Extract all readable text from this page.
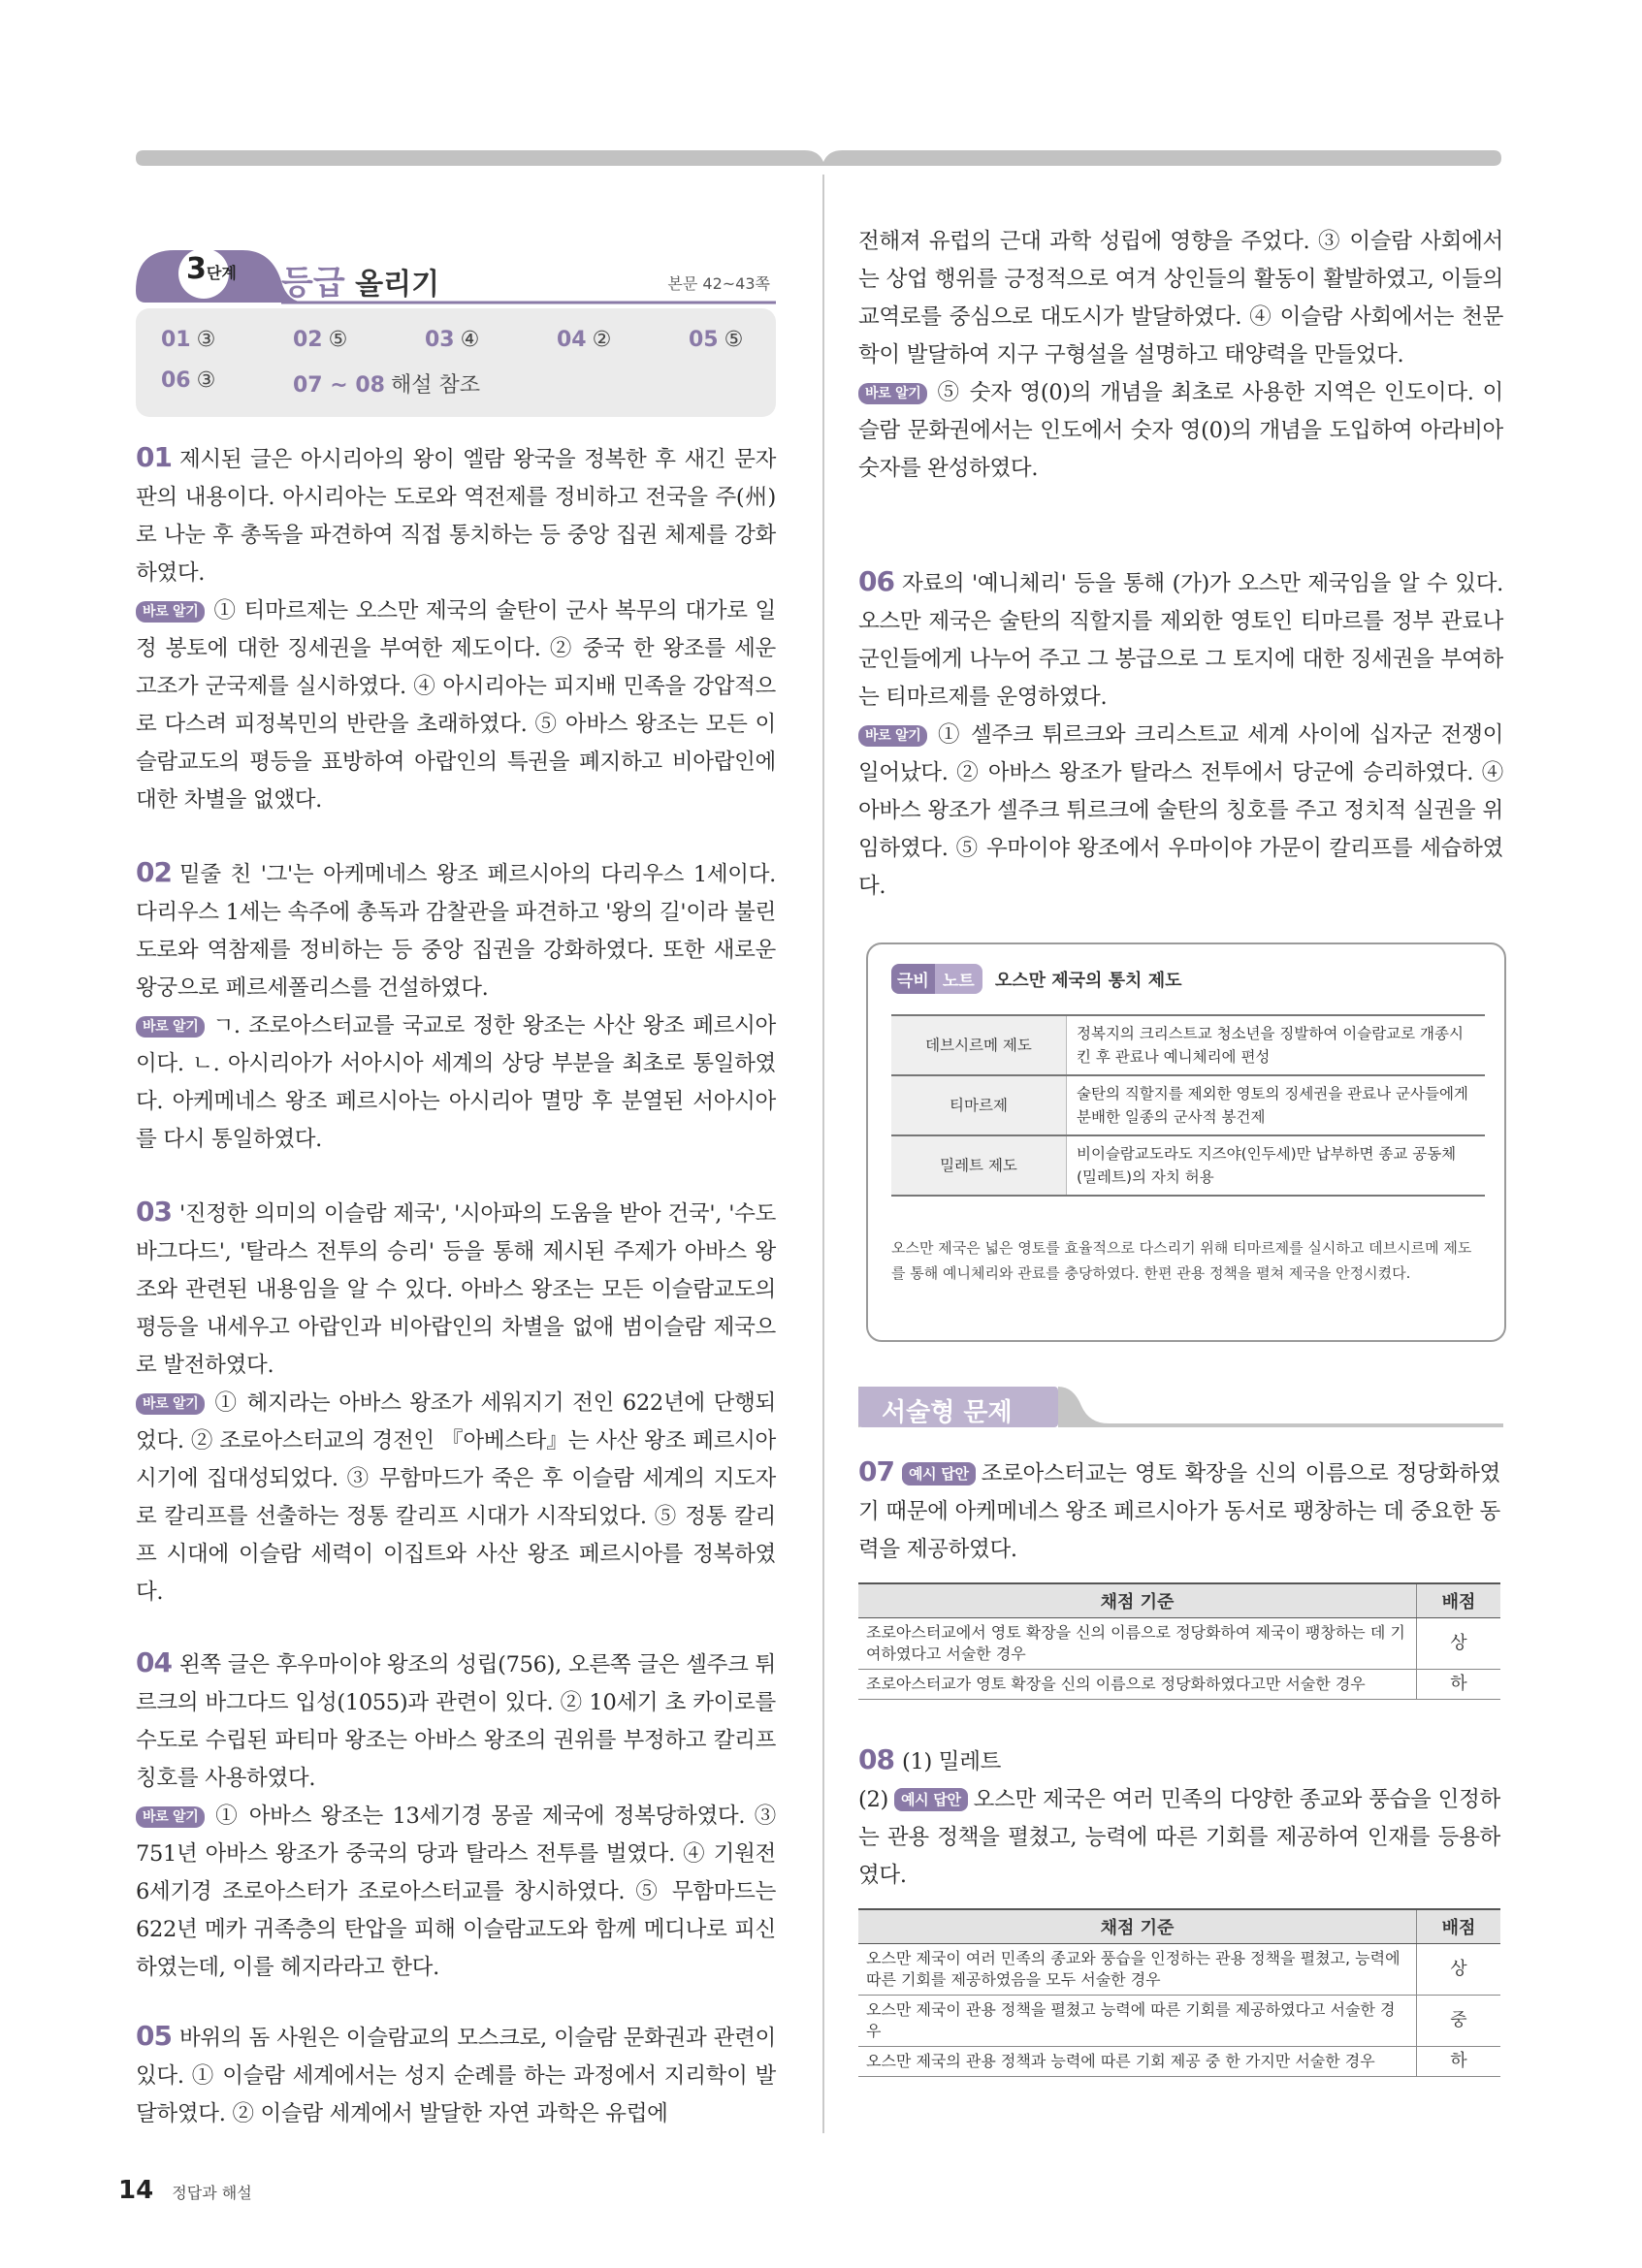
3단계 등급 올리기	본문 42~43쪽
01 ③	02 ⑤	03 ④	04 ②	05 ⑤
06 ③	07 ~ 08 해설 참조

01 제시된 글은 아시리아의 왕이 엘람 왕국을 정복한 후 새긴 문자판의 내용이다. 아시리아는 도로와 역전제를 정비하고 전국을 주(州)로 나눈 후 총독을 파견하여 직접 통치하는 등 중앙 집권 체제를 강화하였다.

바로 알기 ① 티마르제는 오스만 제국의 술탄이 군사 복무의 대가로 일정 봉토에 대한 징세권을 부여한 제도이다. ② 중국 한 왕조를 세운 고조가 군국제를 실시하였다. ④ 아시리아는 피지배 민족을 강압적으로 다스려 피정복민의 반란을 초래하였다. ⑤ 아바스 왕조는 모든 이슬람교도의 평등을 표방하여 아랍인의 특권을 폐지하고 비아랍인에 대한 차별을 없앴다.

02 밑줄 친 '그'는 아케메네스 왕조 페르시아의 다리우스 1세이다. 다리우스 1세는 속주에 총독과 감찰관을 파견하고 '왕의 길'이라 불린 도로와 역참제를 정비하는 등 중앙 집권을 강화하였다. 또한 새로운 왕궁으로 페르세폴리스를 건설하였다.

바로 알기 ㄱ. 조로아스터교를 국교로 정한 왕조는 사산 왕조 페르시아이다. ㄴ. 아시리아가 서아시아 세계의 상당 부분을 최초로 통일하였다. 아케메네스 왕조 페르시아는 아시리아 멸망 후 분열된 서아시아를 다시 통일하였다.

03 '진정한 의미의 이슬람 제국', '시아파의 도움을 받아 건국', '수도 바그다드', '탈라스 전투의 승리' 등을 통해 제시된 주제가 아바스 왕조와 관련된 내용임을 알 수 있다. 아바스 왕조는 모든 이슬람교도의 평등을 내세우고 아랍인과 비아랍인의 차별을 없애 범이슬람 제국으로 발전하였다.

바로 알기 ① 헤지라는 아바스 왕조가 세워지기 전인 622년에 단행되었다. ② 조로아스터교의 경전인 『아베스타』는 사산 왕조 페르시아 시기에 집대성되었다. ③ 무함마드가 죽은 후 이슬람 세계의 지도자로 칼리프를 선출하는 정통 칼리프 시대가 시작되었다. ⑤ 정통 칼리프 시대에 이슬람 세력이 이집트와 사산 왕조 페르시아를 정복하였다.

04 왼쪽 글은 후우마이야 왕조의 성립(756), 오른쪽 글은 셀주크 튀르크의 바그다드 입성(1055)과 관련이 있다. ② 10세기 초 카이로를 수도로 수립된 파티마 왕조는 아바스 왕조의 권위를 부정하고 칼리프 칭호를 사용하였다.

바로 알기 ① 아바스 왕조는 13세기경 몽골 제국에 정복당하였다. ③ 751년 아바스 왕조가 중국의 당과 탈라스 전투를 벌였다. ④ 기원전 6세기경 조로아스터가 조로아스터교를 창시하였다. ⑤ 무함마드는 622년 메카 귀족층의 탄압을 피해 이슬람교도와 함께 메디나로 피신하였는데, 이를 헤지라라고 한다.

05 바위의 돔 사원은 이슬람교의 모스크로, 이슬람 문화권과 관련이 있다. ① 이슬람 세계에서는 성지 순례를 하는 과정에서 지리학이 발달하였다. ② 이슬람 세계에서 발달한 자연 과학은 유럽에

전해져 유럽의 근대 과학 성립에 영향을 주었다. ③ 이슬람 사회에서는 상업 행위를 긍정적으로 여겨 상인들의 활동이 활발하였고, 이들의 교역로를 중심으로 대도시가 발달하였다. ④ 이슬람 사회에서는 천문학이 발달하여 지구 구형설을 설명하고 태양력을 만들었다.

바로 알기 ⑤ 숫자 영(0)의 개념을 최초로 사용한 지역은 인도이다. 이슬람 문화권에서는 인도에서 숫자 영(0)의 개념을 도입하여 아라비아 숫자를 완성하였다.

06 자료의 '예니체리' 등을 통해 (가)가 오스만 제국임을 알 수 있다. 오스만 제국은 술탄의 직할지를 제외한 영토인 티마르를 정부 관료나 군인들에게 나누어 주고 그 봉급으로 그 토지에 대한 징세권을 부여하는 티마르제를 운영하였다.

바로 알기 ① 셀주크 튀르크와 크리스트교 세계 사이에 십자군 전쟁이 일어났다. ② 아바스 왕조가 탈라스 전투에서 당군에 승리하였다. ④ 아바스 왕조가 셀주크 튀르크에 술탄의 칭호를 주고 정치적 실권을 위임하였다. ⑤ 우마이야 왕조에서 우마이야 가문이 칼리프를 세습하였다.

극비 노트 오스만 제국의 통치 제도
데브시르메 제도	정복지의 크리스트교 청소년을 징발하여 이슬람교로 개종시킨 후 관료나 예니체리에 편성
티마르제	술탄의 직할지를 제외한 영토의 징세권을 관료나 군사들에게 분배한 일종의 군사적 봉건제
밀레트 제도	비이슬람교도라도 지즈야(인두세)만 납부하면 종교 공동체(밀레트)의 자치 허용
오스만 제국은 넓은 영토를 효율적으로 다스리기 위해 티마르제를 실시하고 데브시르메 제도를 통해 예니체리와 관료를 충당하였다. 한편 관용 정책을 펼쳐 제국을 안정시켰다.
서술형 문제

07 예시 답안 조로아스터교는 영토 확장을 신의 이름으로 정당화하였기 때문에 아케메네스 왕조 페르시아가 동서로 팽창하는 데 중요한 동력을 제공하였다.

채점 기준	배점
조로아스터교에서 영토 확장을 신의 이름으로 정당화하여 제국이 팽창하는 데 기여하였다고 서술한 경우	상
조로아스터교가 영토 확장을 신의 이름으로 정당화하였다고만 서술한 경우	하

08 (1) 밀레트

(2) 예시 답안 오스만 제국은 여러 민족의 다양한 종교와 풍습을 인정하는 관용 정책을 펼쳤고, 능력에 따른 기회를 제공하여 인재를 등용하였다.

채점 기준	배점
오스만 제국이 여러 민족의 종교와 풍습을 인정하는 관용 정책을 펼쳤고, 능력에 따른 기회를 제공하였음을 모두 서술한 경우	상
오스만 제국이 관용 정책을 펼쳤고 능력에 따른 기회를 제공하였다고 서술한 경우	중
오스만 제국의 관용 정책과 능력에 따른 기회 제공 중 한 가지만 서술한 경우	하
14 정답과 해설
